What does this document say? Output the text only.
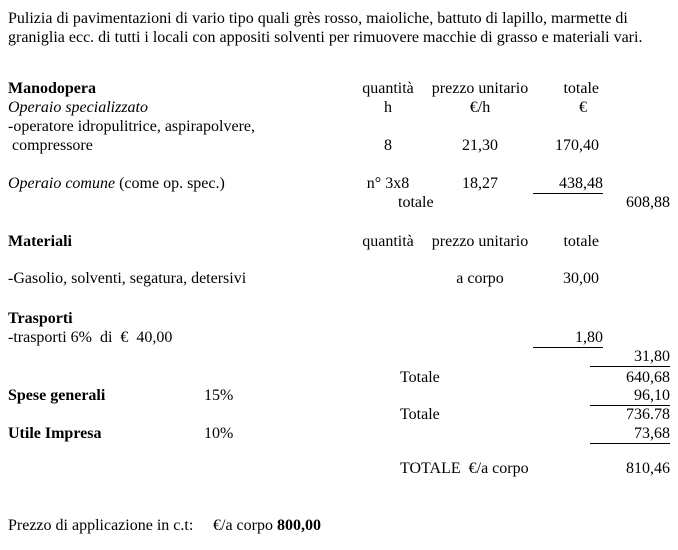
Pulizia di pavimentazioni di vario tipo quali grès rosso, maioliche, battuto di lapillo, marmette di
graniglia ecc. di tutti i locali con appositi solventi per rimuovere macchie di grasso e materiali vari.
Manodopera	quantità	prezzo unitario	totale
Operaio specializzato	h	€/h	€
-operatore idropulitrice, aspirapolvere,
compressore	8	21,30	170,40
Operaio comune (come op. spec.)	n° 3x8	18,27	438,48
totale	608,88
Materiali	quantità	prezzo unitario	totale
-Gasolio, solventi, segatura, detersivi	a corpo	30,00
Trasporti
-trasporti 6%  di  €  40,00	1,80
31,80
Totale	640,68
Spese generali	15%	96,10
Totale	736.78
Utile Impresa	10%	73,68
TOTALE  €/a corpo	810,46
Prezzo di applicazione in c.t: €/a corpo 800,00
